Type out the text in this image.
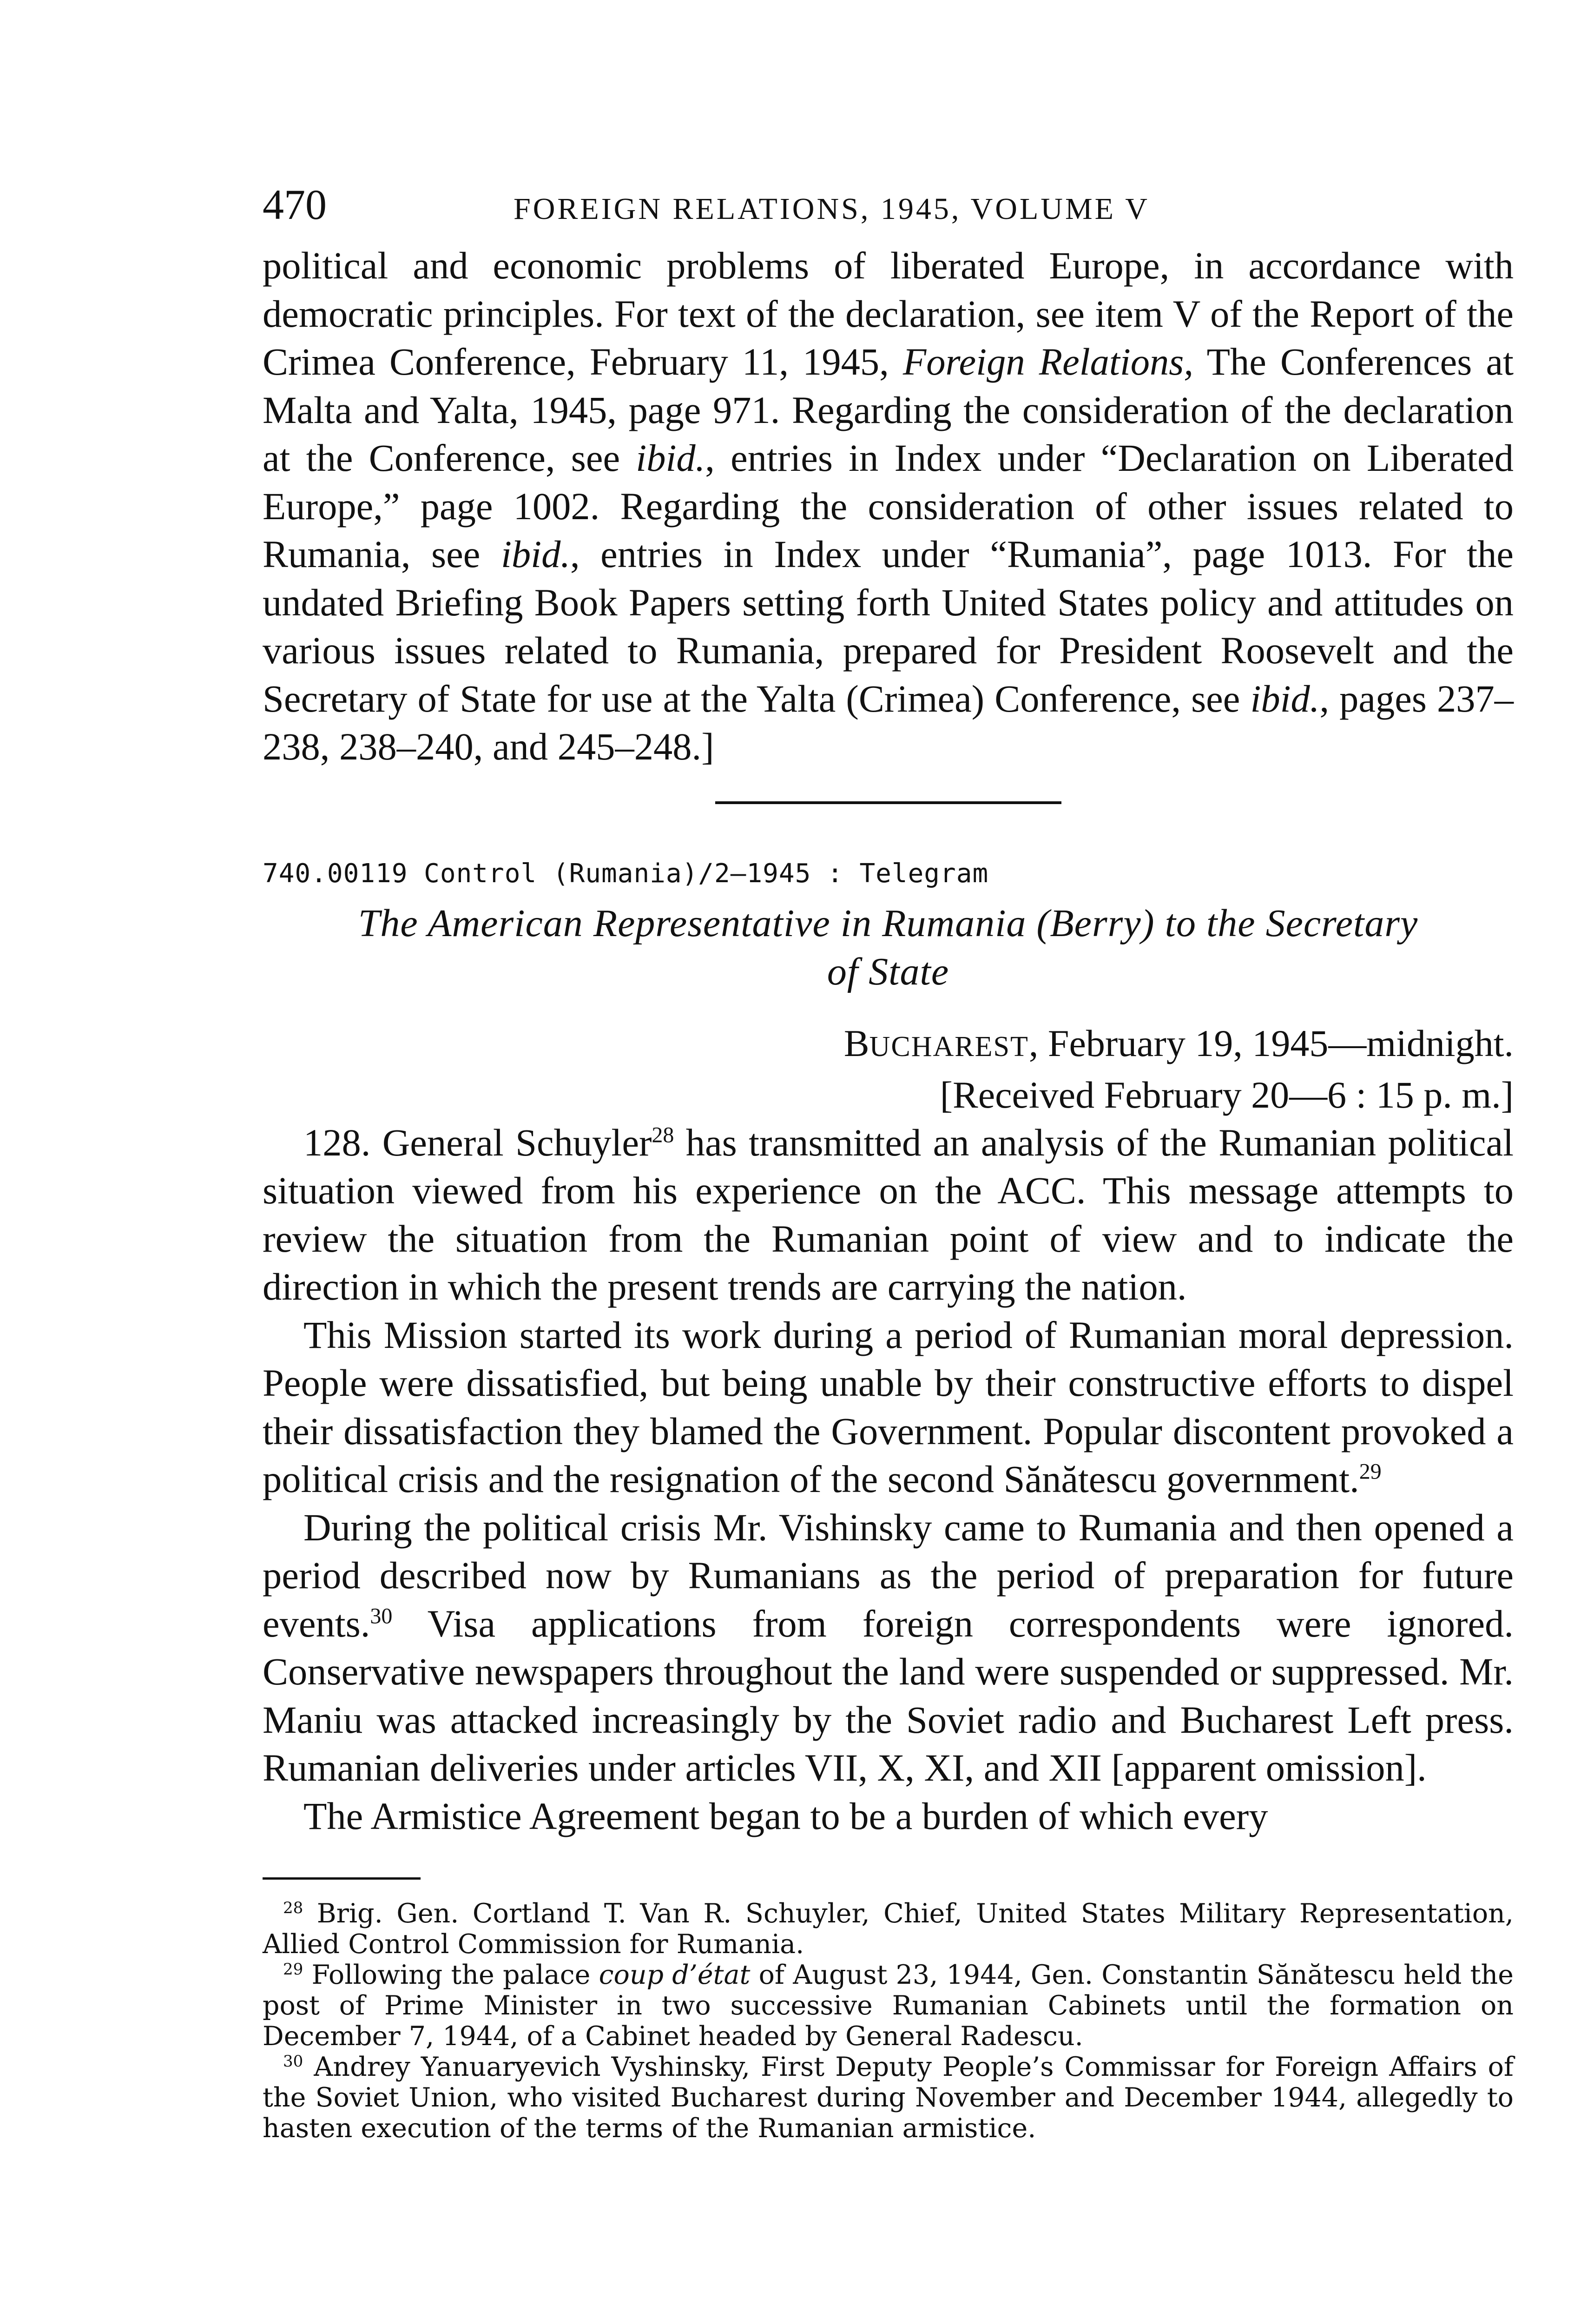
470	FOREIGN RELATIONS, 1945, VOLUME V

political and economic problems of liberated Europe, in accordance with democratic principles. For text of the declaration, see item V of the Report of the Crimea Conference, February 11, 1945, Foreign Relations, The Conferences at Malta and Yalta, 1945, page 971. Regarding the consideration of the declaration at the Conference, see ibid., entries in Index under “Declaration on Liberated Europe,” page 1002. Regarding the consideration of other issues related to Rumania, see ibid., entries in Index under “Rumania”, page 1013. For the undated Briefing Book Papers setting forth United States policy and attitudes on various issues related to Rumania, prepared for President Roosevelt and the Secretary of State for use at the Yalta (Crimea) Conference, see ibid., pages 237–238, 238–240, and 245–248.]

740.00119 Control (Rumania)/2–1945 : Telegram

The American Representative in Rumania (Berry) to the Secretary
of State

BUCHAREST, February 19, 1945—midnight.

[Received February 20—6 : 15 p. m.]

128. General Schuyler$^{28}$ has transmitted an analysis of the Rumanian political situation viewed from his experience on the ACC. This message attempts to review the situation from the Rumanian point of view and to indicate the direction in which the present trends are carrying the nation.

This Mission started its work during a period of Rumanian moral depression. People were dissatisfied, but being unable by their constructive efforts to dispel their dissatisfaction they blamed the Government. Popular discontent provoked a political crisis and the resignation of the second Sănătescu government.$^{29}$

During the political crisis Mr. Vishinsky came to Rumania and then opened a period described now by Rumanians as the period of preparation for future events.$^{30}$ Visa applications from foreign correspondents were ignored. Conservative newspapers throughout the land were suspended or suppressed. Mr. Maniu was attacked increasingly by the Soviet radio and Bucharest Left press. Rumanian deliveries under articles VII, X, XI, and XII [apparent omission].

The Armistice Agreement began to be a burden of which every

$^{28}$ Brig. Gen. Cortland T. Van R. Schuyler, Chief, United States Military Representation, Allied Control Commission for Rumania.

$^{29}$ Following the palace coup d’état of August 23, 1944, Gen. Constantin Sănătescu held the post of Prime Minister in two successive Rumanian Cabinets until the formation on December 7, 1944, of a Cabinet headed by General Radescu.

$^{30}$ Andrey Yanuaryevich Vyshinsky, First Deputy People’s Commissar for Foreign Affairs of the Soviet Union, who visited Bucharest during November and December 1944, allegedly to hasten execution of the terms of the Rumanian armistice.
